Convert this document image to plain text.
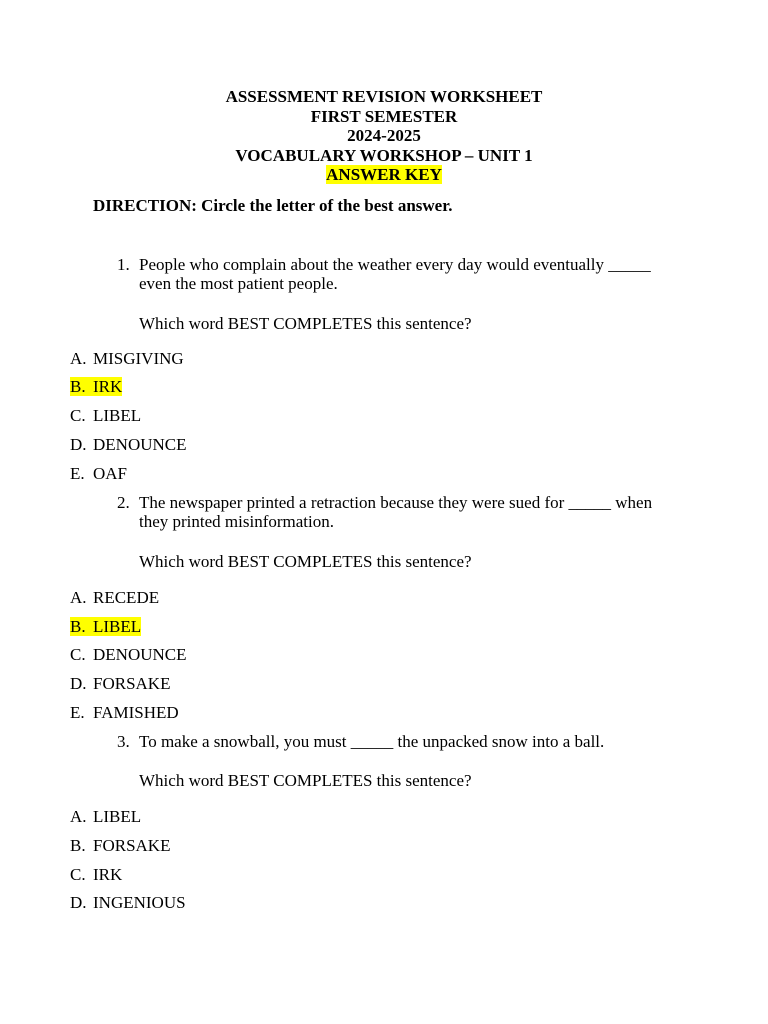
ASSESSMENT REVISION WORKSHEET
FIRST SEMESTER
2024-2025
VOCABULARY WORKSHOP – UNIT 1
ANSWER KEY
DIRECTION: Circle the letter of the best answer.
1. People who complain about the weather every day would eventually _____ even the most patient people.
Which word BEST COMPLETES this sentence?
A. MISGIVING
B. IRK
C. LIBEL
D. DENOUNCE
E. OAF
2. The newspaper printed a retraction because they were sued for _____ when they printed misinformation.
Which word BEST COMPLETES this sentence?
A. RECEDE
B. LIBEL
C. DENOUNCE
D. FORSAKE
E. FAMISHED
3. To make a snowball, you must _____ the unpacked snow into a ball.
Which word BEST COMPLETES this sentence?
A. LIBEL
B. FORSAKE
C. IRK
D. INGENIOUS
